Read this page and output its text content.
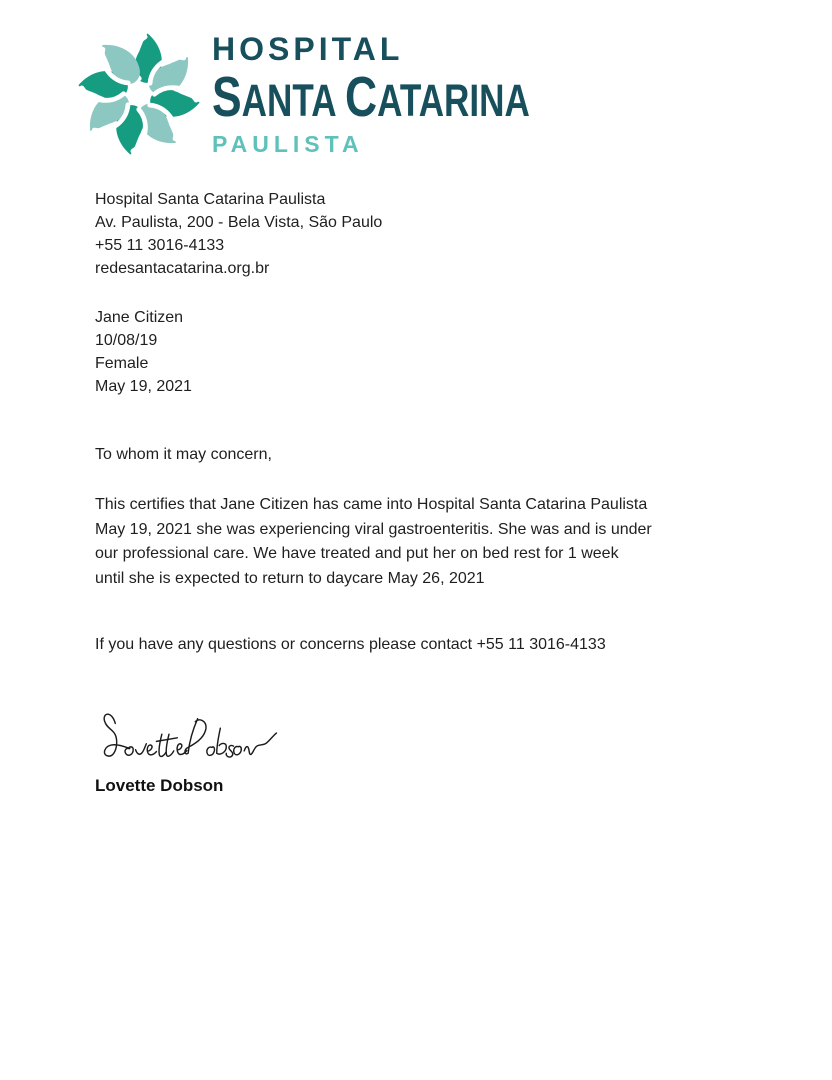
HOSPITAL
SANTA CATARINA
PAULISTA
Hospital Santa Catarina Paulista
Av. Paulista, 200 - Bela Vista, São Paulo
+55 11 3016-4133
redesantacatarina.org.br
Jane Citizen
10/08/19
Female
May 19, 2021
To whom it may concern,
This certifies that Jane Citizen has came into Hospital Santa Catarina Paulista
May 19, 2021 she was experiencing viral gastroenteritis. She was and is under
our professional care. We have treated and put her on bed rest for 1 week
until she is expected to return to daycare May 26, 2021
If you have any questions or concerns please contact +55 11 3016-4133
Lovette Dobson
